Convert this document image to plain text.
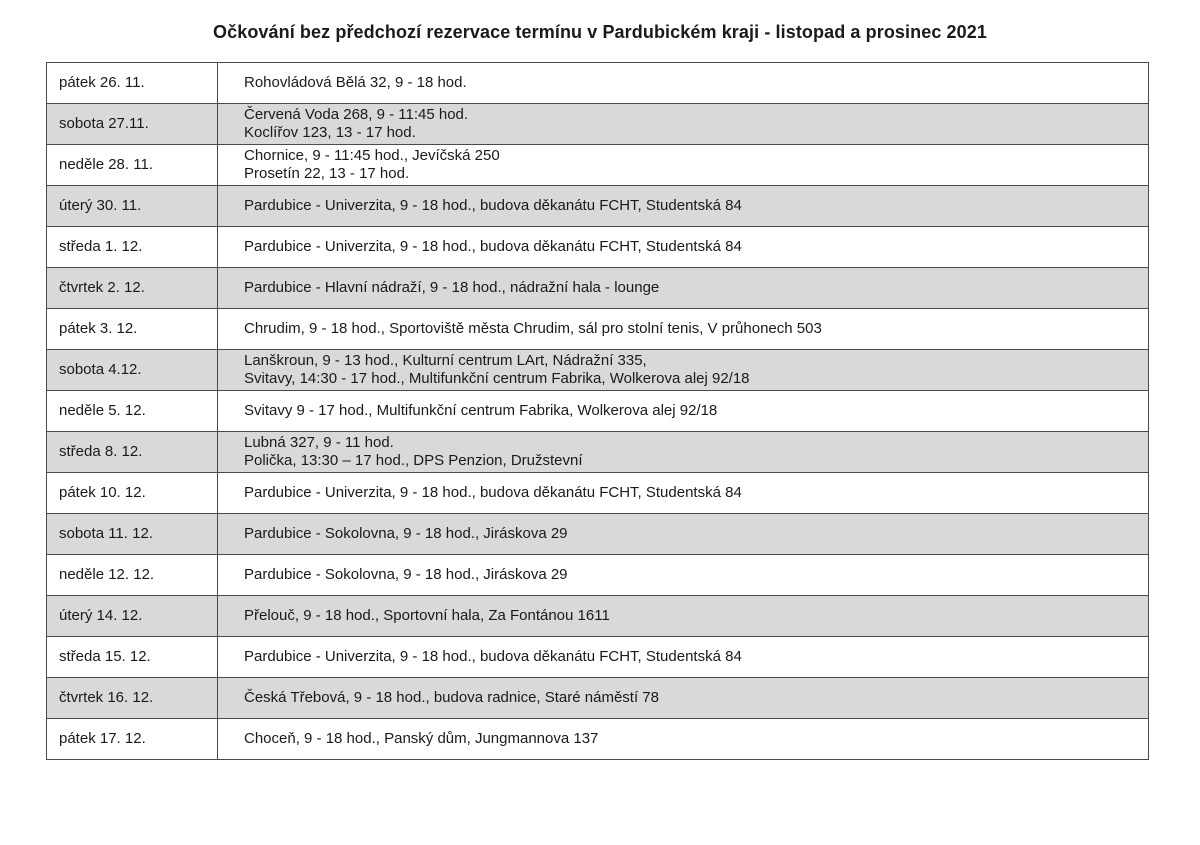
Očkování bez předchozí rezervace termínu v Pardubickém kraji - listopad a prosinec 2021
pátek 26. 11.	Rohovládová Bělá 32, 9 - 18 hod.

sobota 27.11.	Červená Voda 268, 9 - 11:45 hod.
Koclířov 123, 13 - 17 hod.

neděle 28. 11.	Chornice, 9 - 11:45 hod., Jevíčská 250
Prosetín 22, 13 - 17 hod.

úterý 30. 11.	Pardubice - Univerzita, 9 - 18 hod., budova děkanátu FCHT, Studentská 84

středa 1. 12.	Pardubice - Univerzita, 9 - 18 hod., budova děkanátu FCHT, Studentská 84

čtvrtek 2. 12.	Pardubice - Hlavní nádraží, 9 - 18 hod., nádražní hala - lounge

pátek 3. 12.	Chrudim, 9 - 18 hod., Sportoviště města Chrudim, sál pro stolní tenis, V průhonech 503

sobota 4.12.	Lanškroun, 9 - 13 hod., Kulturní centrum LArt, Nádražní 335,
Svitavy, 14:30 - 17 hod., Multifunkční centrum Fabrika, Wolkerova alej 92/18

neděle 5. 12.	Svitavy 9 - 17 hod., Multifunkční centrum Fabrika, Wolkerova alej 92/18

středa 8. 12.	Lubná 327, 9 - 11 hod.
Polička, 13:30 – 17 hod., DPS Penzion, Družstevní

pátek 10. 12.	Pardubice - Univerzita, 9 - 18 hod., budova děkanátu FCHT, Studentská 84

sobota 11. 12.	Pardubice - Sokolovna, 9 - 18 hod., Jiráskova 29

neděle 12. 12.	Pardubice - Sokolovna, 9 - 18 hod., Jiráskova 29

úterý 14. 12.	Přelouč, 9 - 18 hod., Sportovní hala, Za Fontánou 1611

středa 15. 12.	Pardubice - Univerzita, 9 - 18 hod., budova děkanátu FCHT, Studentská 84

čtvrtek 16. 12.	Česká Třebová, 9 - 18 hod., budova radnice, Staré náměstí 78

pátek 17. 12.	Choceň, 9 - 18 hod., Panský dům, Jungmannova 137
